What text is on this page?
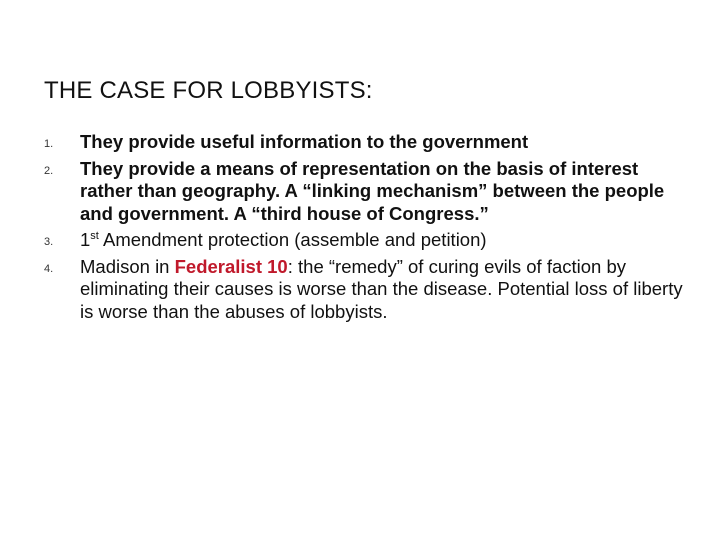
THE CASE FOR LOBBYISTS:
1. They provide useful information to the government
2. They provide a means of representation on the basis of interest rather than geography. A “linking mechanism” between the people and government. A “third house of Congress.”
3. 1st Amendment protection (assemble and petition)
4. Madison in Federalist 10: the “remedy” of curing evils of faction by eliminating their causes is worse than the disease. Potential loss of liberty is worse than the abuses of lobbyists.
